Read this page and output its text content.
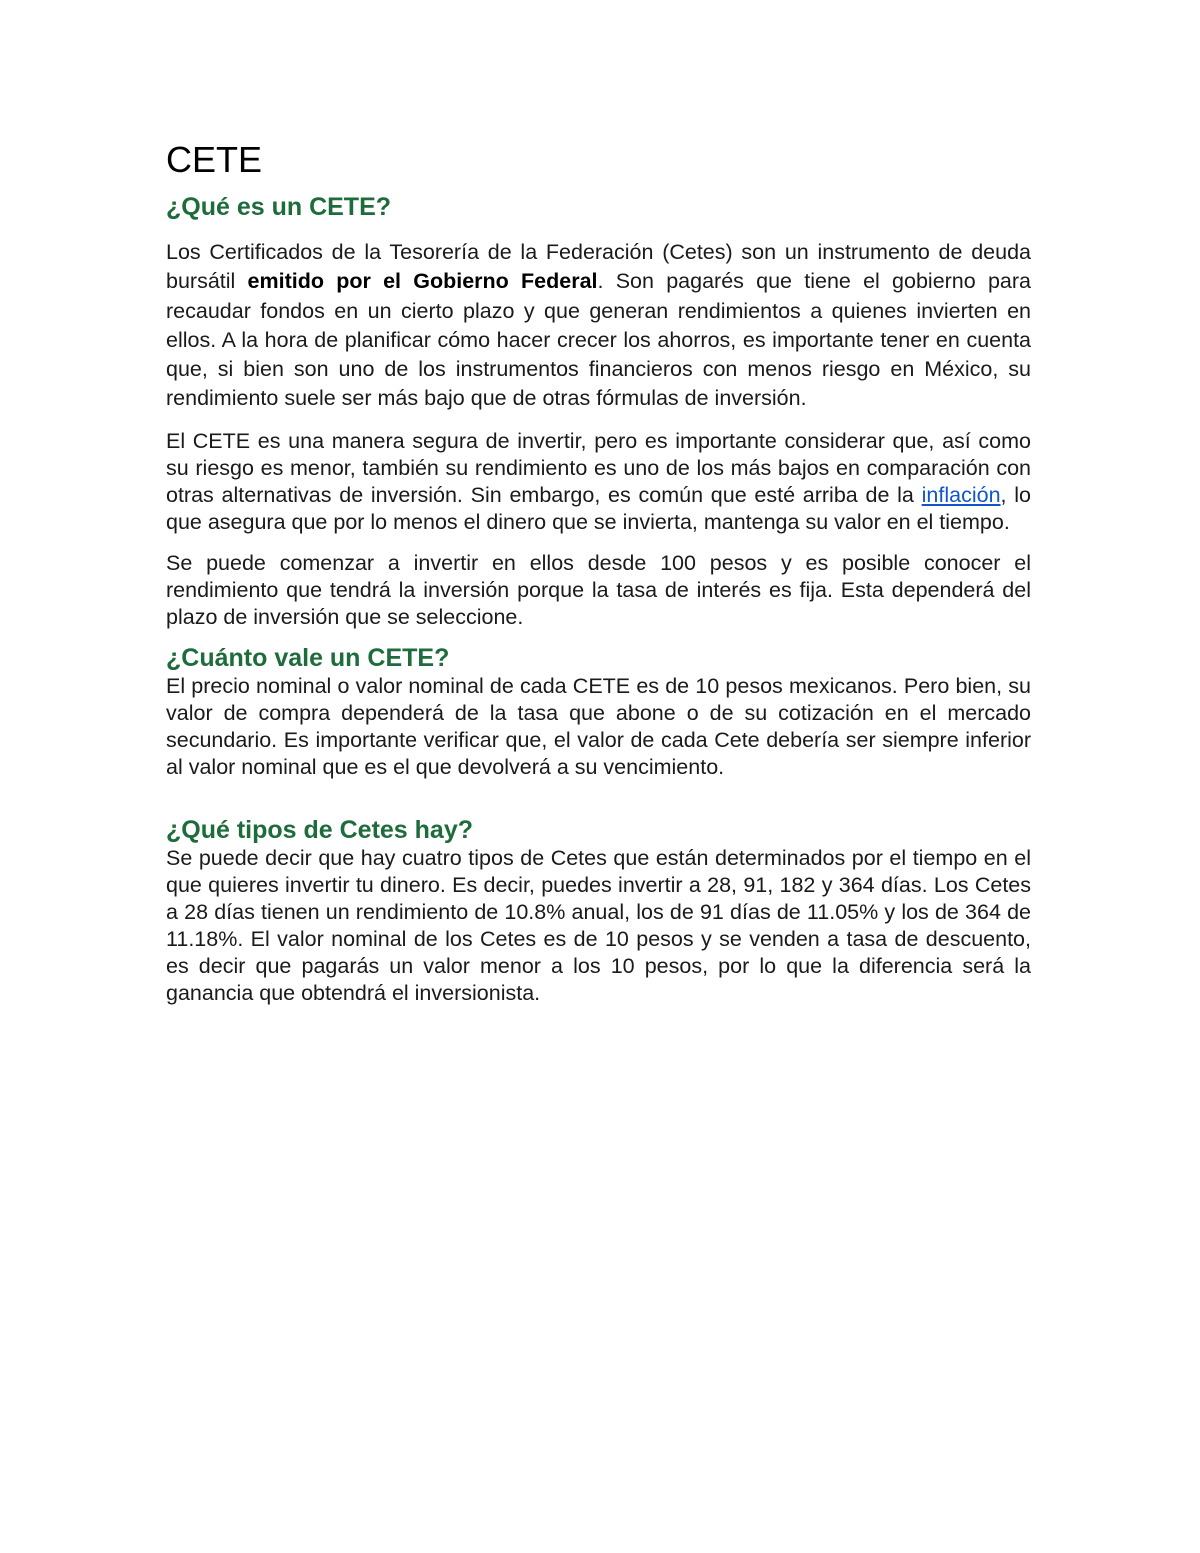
CETE
¿Qué es un CETE?

Los Certificados de la Tesorería de la Federación (Cetes) son un instrumento de deuda bursátil emitido por el Gobierno Federal. Son pagarés que tiene el gobierno para recaudar fondos en un cierto plazo y que generan rendimientos a quienes invierten en ellos. A la hora de planificar cómo hacer crecer los ahorros, es importante tener en cuenta que, si bien son uno de los instrumentos financieros con menos riesgo en México, su rendimiento suele ser más bajo que de otras fórmulas de inversión.

El CETE es una manera segura de invertir, pero es importante considerar que, así como su riesgo es menor, también su rendimiento es uno de los más bajos en comparación con otras alternativas de inversión. Sin embargo, es común que esté arriba de la inflación, lo que asegura que por lo menos el dinero que se invierta, mantenga su valor en el tiempo.

Se puede comenzar a invertir en ellos desde 100 pesos y es posible conocer el rendimiento que tendrá la inversión porque la tasa de interés es fija. Esta dependerá del plazo de inversión que se seleccione.

¿Cuánto vale un CETE?

El precio nominal o valor nominal de cada CETE es de 10 pesos mexicanos. Pero bien, su valor de compra dependerá de la tasa que abone o de su cotización en el mercado secundario. Es importante verificar que, el valor de cada Cete debería ser siempre inferior al valor nominal que es el que devolverá a su vencimiento.

¿Qué tipos de Cetes hay?

Se puede decir que hay cuatro tipos de Cetes que están determinados por el tiempo en el que quieres invertir tu dinero. Es decir, puedes invertir a 28, 91, 182 y 364 días. Los Cetes a 28 días tienen un rendimiento de 10.8% anual, los de 91 días de 11.05% y los de 364 de 11.18%. El valor nominal de los Cetes es de 10 pesos y se venden a tasa de descuento, es decir que pagarás un valor menor a los 10 pesos, por lo que la diferencia será la ganancia que obtendrá el inversionista.
